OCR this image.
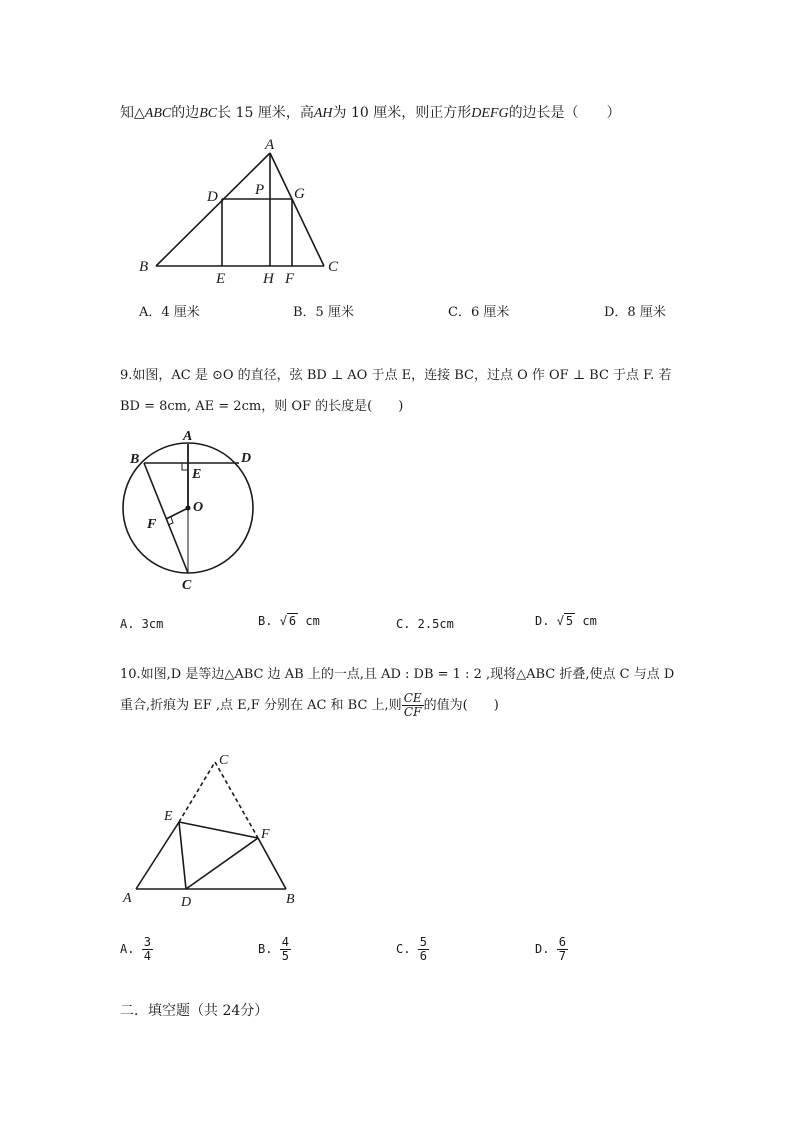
知△ABC的边BC长 15 厘米，高AH为 10 厘米，则正方形DEFG的边长是（　　）
A
B	C
D
E	F
G
H
P
A．4 厘米	B．5 厘米	C．6 厘米	D．8 厘米
9.如图，AC 是 ⊙O 的直径，弦 BD ⊥ AO 于点 E，连接 BC，过点 O 作 OF ⊥ BC 于点 F. 若
BD = 8cm, AE = 2cm，则 OF 的长度是(　　)
A
B
C
D
E
F
O
A. 3cm	B. √ 6 cm	C. 2.5cm	D. √ 5 cm
10.如图,D 是等边△ABC 边 AB 上的一点,且 AD : DB = 1 : 2 ,现将△ABC 折叠,使点 C 与点 D
重合,折痕为 EF ,点 E,F 分别在 AC 和 BC 上,则 $\frac{CE}{CF}$ 的值为(　　)
C
E
F
A	D	B
A. $\frac{3}{4}$	B. $\frac{4}{5}$	C. $\frac{5}{6}$	D. $\frac{6}{7}$
二．填空题（共 24分）
